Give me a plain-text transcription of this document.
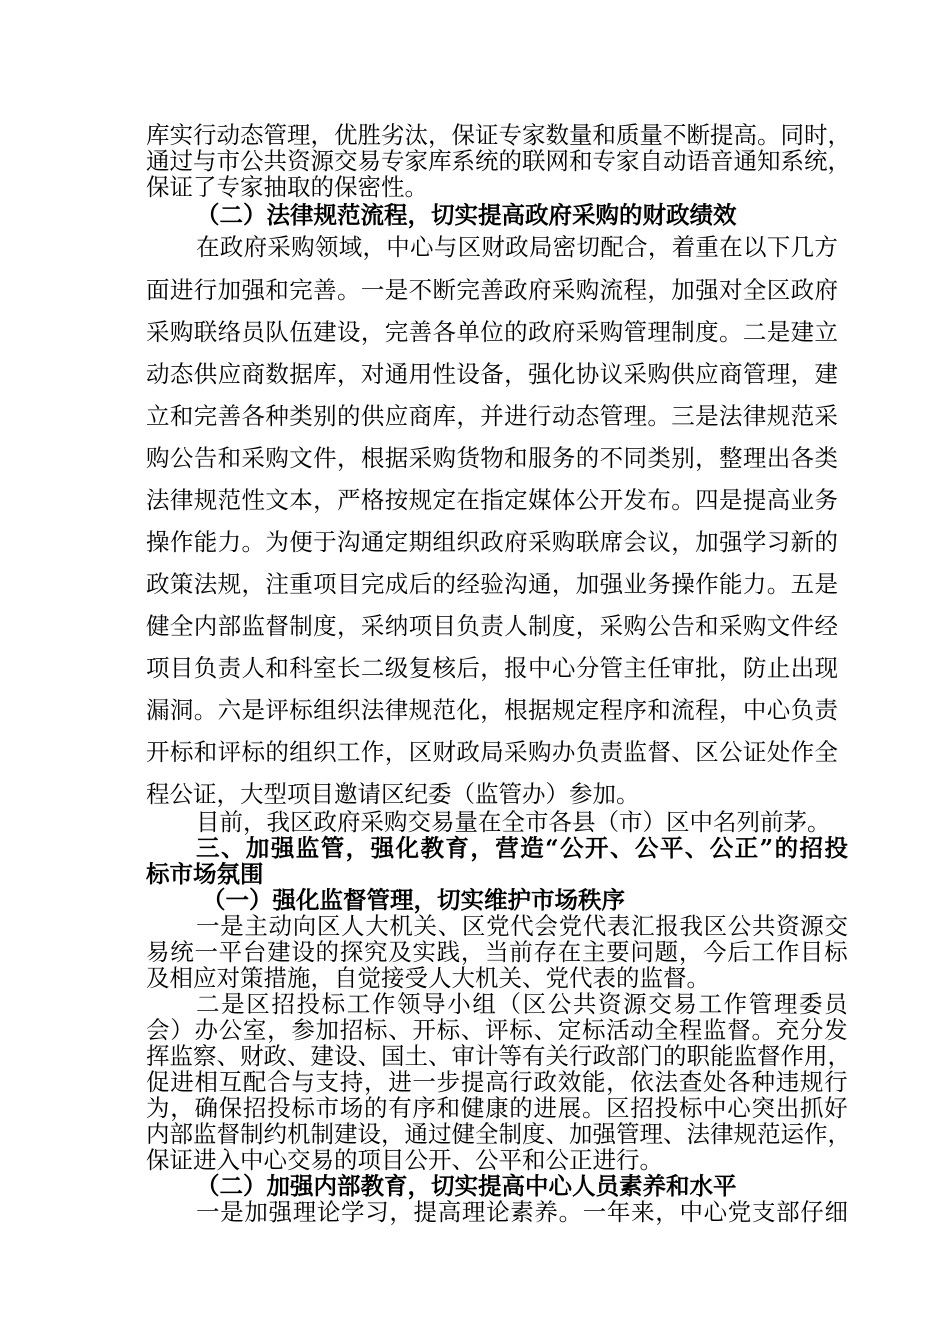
库 实 行 动 态 管 理 ， 优 胜 劣 汰 ， 保 证 专 家 数 量 和 质 量 不 断 提 高 。 同 时 ，
通 过 与 市 公 共 资 源 交 易 专 家 库 系 统 的 联 网 和 专 家 自 动 语 音 通 知 系 统 ，
保证了专家抽取的保密性。
（二）法律规范流程，切实提高政府采购的财政绩效
在 政 府 采 购 领 域 ， 中 心 与 区 财 政 局 密 切 配 合 ， 着 重 在 以 下 几 方
面 进 行 加 强 和 完 善 。 一 是 不 断 完 善 政 府 采 购 流 程 ， 加 强 对 全 区 政 府
采 购 联 络 员 队 伍 建 设 ， 完 善 各 单 位 的 政 府 采 购 管 理 制 度 。 二 是 建 立
动 态 供 应 商 数 据 库 ， 对 通 用 性 设 备 ， 强 化 协 议 采 购 供 应 商 管 理 ， 建
立 和 完 善 各 种 类 别 的 供 应 商 库 ， 并 进 行 动 态 管 理 。 三 是 法 律 规 范 采
购 公 告 和 采 购 文 件 ， 根 据 采 购 货 物 和 服 务 的 不 同 类 别 ， 整 理 出 各 类
法 律 规 范 性 文 本 ， 严 格 按 规 定 在 指 定 媒 体 公 开 发 布 。 四 是 提 高 业 务
操 作 能 力 。 为 便 于 沟 通 定 期 组 织 政 府 采 购 联 席 会 议 ， 加 强 学 习 新 的
政 策 法 规 ， 注 重 项 目 完 成 后 的 经 验 沟 通 ， 加 强 业 务 操 作 能 力 。 五 是
健 全 内 部 监 督 制 度 ， 采 纳 项 目 负 责 人 制 度 ， 采 购 公 告 和 采 购 文 件 经
项 目 负 责 人 和 科 室 长 二 级 复 核 后 ， 报 中 心 分 管 主 任 审 批 ， 防 止 出 现
漏 洞 。 六 是 评 标 组 织 法 律 规 范 化 ， 根 据 规 定 程 序 和 流 程 ， 中 心 负 责
开 标 和 评 标 的 组 织 工 作 ， 区 财 政 局 采 购 办 负 责 监 督 、 区 公 证 处 作 全
程公证，大型项目邀请区纪委（监管办）参加。
目前，我区政府采购交易量在全市各县（市）区中名列前茅。
三 、 加 强 监 管 ， 强 化 教 育 ， 营 造 “ 公 开 、 公 平 、 公 正 ” 的 招 投
标市场氛围
（一）强化监督管理，切实维护市场秩序
一 是 主 动 向 区 人 大 机 关 、 区 党 代 会 党 代 表 汇 报 我 区 公 共 资 源 交
易 统 一 平 台 建 设 的 探 究 及 实 践 ， 当 前 存 在 主 要 问 题 ， 今 后 工 作 目 标
及相应对策措施，自觉接受人大机关、党代表的监督。
二 是 区 招 投 标 工 作 领 导 小 组 （ 区 公 共 资 源 交 易 工 作 管 理 委 员
会 ） 办 公 室 ， 参 加 招 标 、 开 标 、 评 标 、 定 标 活 动 全 程 监 督 。 充 分 发
挥 监 察 、 财 政 、 建 设 、 国 土 、 审 计 等 有 关 行 政 部 门 的 职 能 监 督 作 用 ，
促 进 相 互 配 合 与 支 持 ， 进 一 步 提 高 行 政 效 能 ， 依 法 查 处 各 种 违 规 行
为 ， 确 保 招 投 标 市 场 的 有 序 和 健 康 的 进 展 。 区 招 投 标 中 心 突 出 抓 好
内 部 监 督 制 约 机 制 建 设 ， 通 过 健 全 制 度 、 加 强 管 理 、 法 律 规 范 运 作 ，
保证进入中心交易的项目公开、公平和公正进行。
（二）加强内部教育，切实提高中心人员素养和水平
一 是 加 强 理 论 学 习 ， 提 高 理 论 素 养 。 一 年 来 ， 中 心 党 支 部 仔 细
